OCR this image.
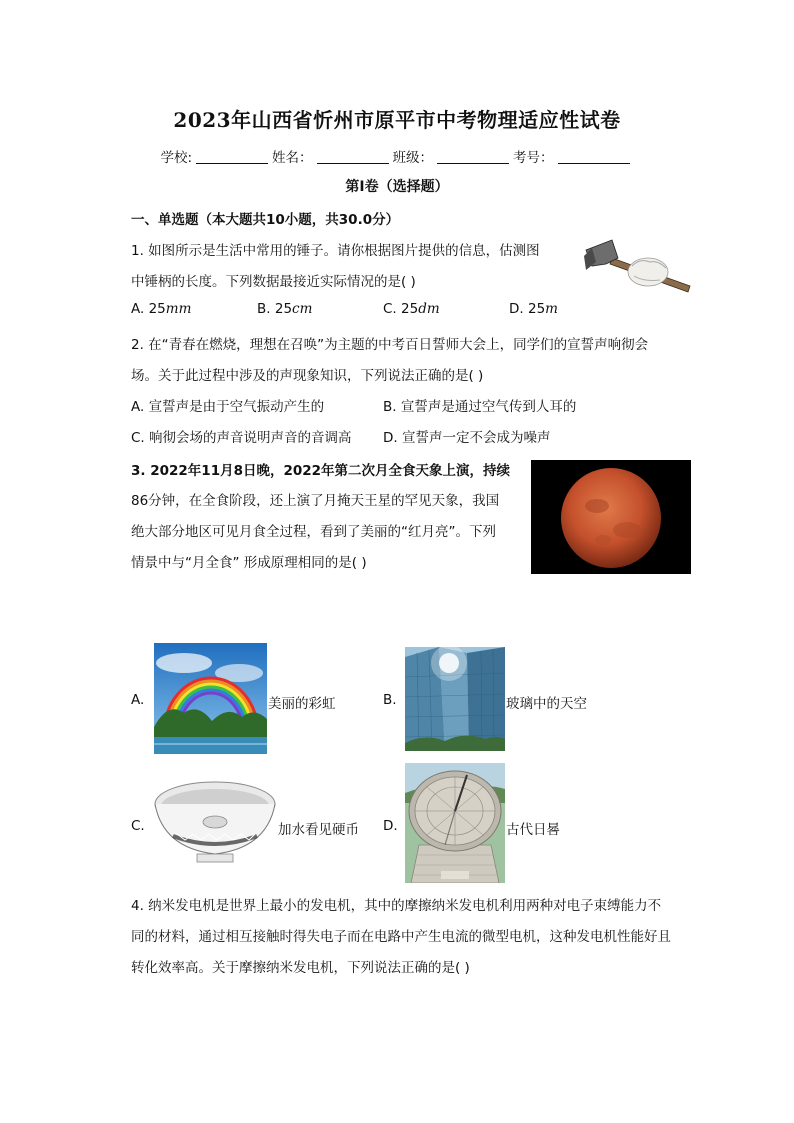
2023年山西省忻州市原平市中考物理适应性试卷
学校:	姓名：	班级：	考号：
第I卷（选择题）
一、单选题（本大题共10小题，共30.0分）
1. 如图所示是生活中常用的锤子。请你根据图片提供的信息，估测图
中锤柄的长度。下列数据最接近实际情况的是( )
A. 25mm	B. 25cm	C. 25dm	D. 25m
2. 在“青春在燃烧，理想在召唤”为主题的中考百日誓师大会上，同学们的宣誓声响彻会
场。关于此过程中涉及的声现象知识，下列说法正确的是( )
A. 宣誓声是由于空气振动产生的	B. 宣誓声是通过空气传到人耳的
C. 响彻会场的声音说明声音的音调高 D. 宣誓声一定不会成为噪声
3. 2022年11月8日晚，2022年第二次月全食天象上演，持续
86分钟，在全食阶段，还上演了月掩天王星的罕见天象，我国
绝大部分地区可见月食全过程，看到了美丽的“红月亮”。下列
情景中与“月全食” 形成原理相同的是( )
A.	美丽的彩虹	B.	玻璃中的天空
C.	加水看见硬币 D.	古代日晷
4. 纳米发电机是世界上最小的发电机，其中的摩擦纳米发电机利用两种对电子束缚能力不
同的材料，通过相互接触时得失电子而在电路中产生电流的微型电机，这种发电机性能好且
转化效率高。关于摩擦纳米发电机，下列说法正确的是( )
